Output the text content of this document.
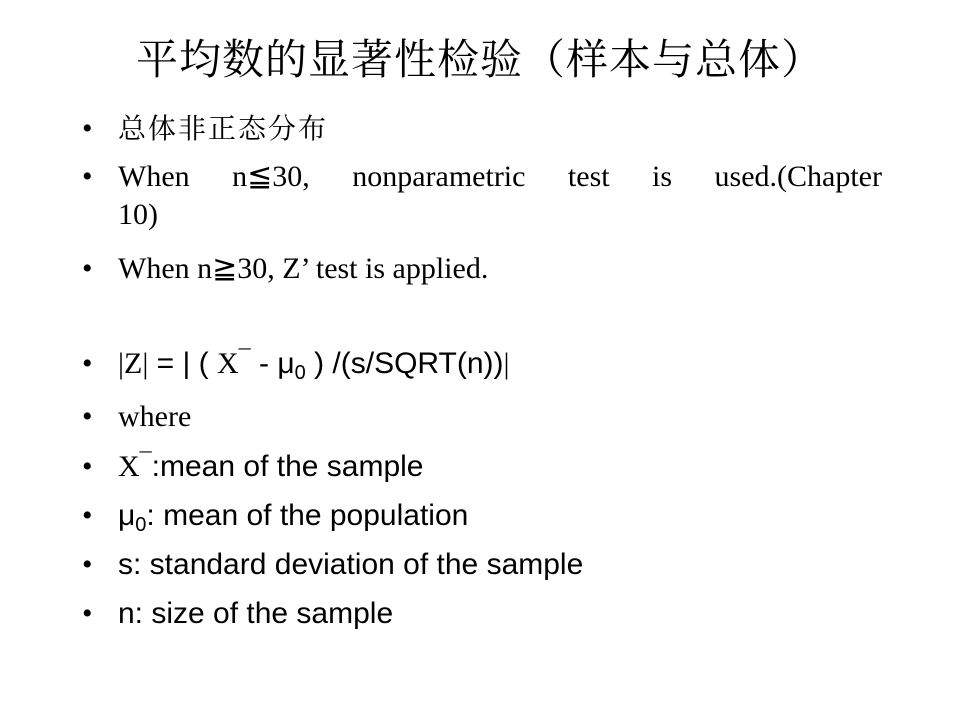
平均数的显著性检验（样本与总体）
• 总体非正态分布
• When n≦30, nonparametric test is used.(Chapter
10)
• When n≧30, Z’ test is applied.
• |Z| = | ( $X^¯ - \mu_0$ ) /(s/SQRT(n))|
• where
• X¯:mean of the sample
• $\mu_0$: mean of the population
• s: standard deviation of the sample
• n: size of the sample
